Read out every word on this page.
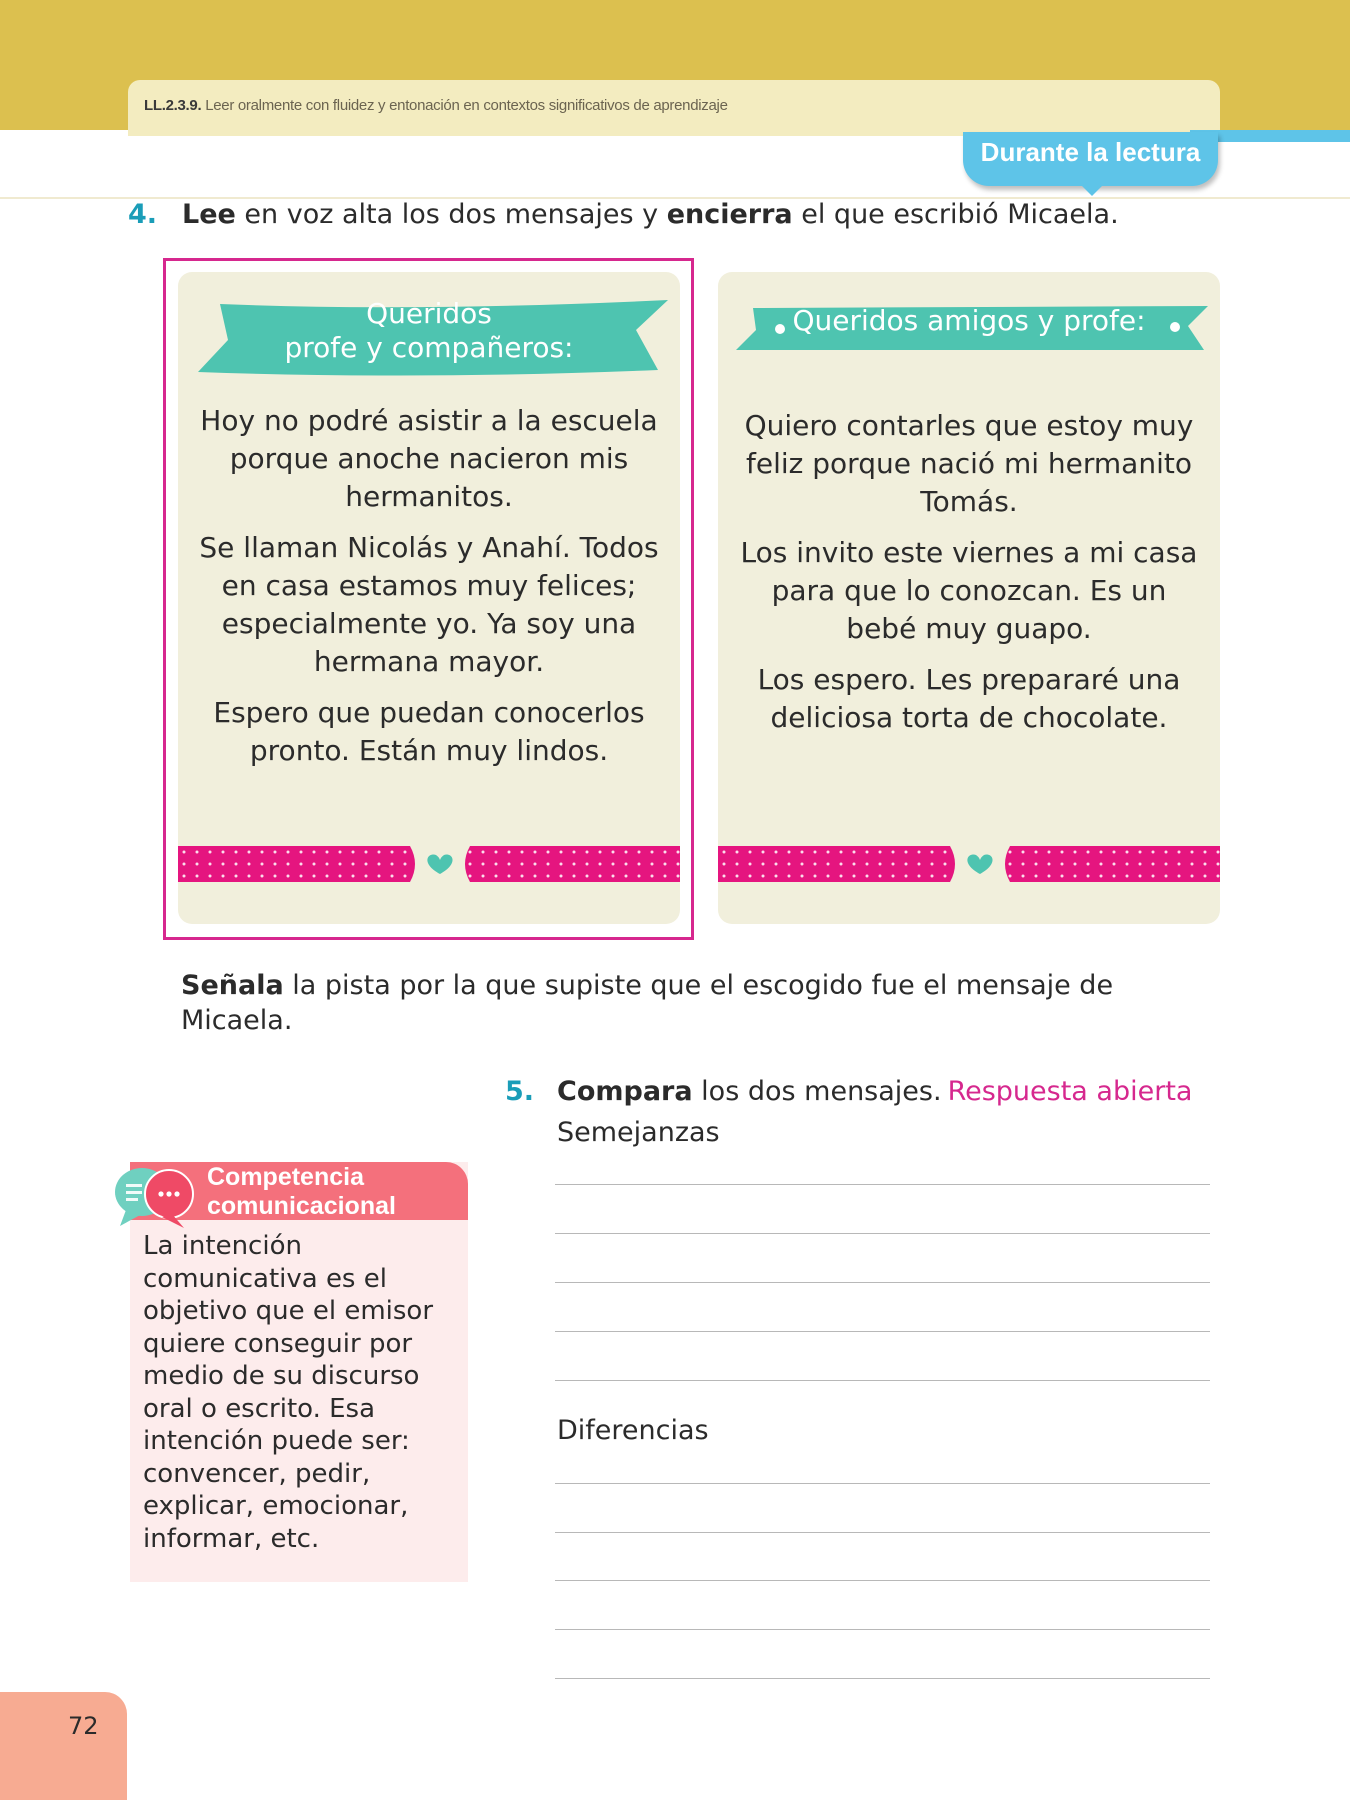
LL.2.3.9. Leer oralmente con fluidez y entonación en contextos significativos de aprendizaje
Durante la lectura
4. Lee en voz alta los dos mensajes y encierra el que escribió Micaela.
Queridos
profe y compañeros:

Hoy no podré asistir a la escuela porque anoche nacieron mis hermanitos.

Se llaman Nicolás y Anahí. Todos en casa estamos muy felices; especialmente yo. Ya soy una hermana mayor.

Espero que puedan conocerlos pronto. Están muy lindos.

Queridos amigos y profe:

Quiero contarles que estoy muy feliz porque nació mi hermanito Tomás.

Los invito este viernes a mi casa para que lo conozcan. Es un bebé muy guapo.

Los espero. Les prepararé una deliciosa torta de chocolate.

Señala la pista por la que supiste que el escogido fue el mensaje de Micaela.
5. Compara los dos mensajes. Respuesta abierta
Semejanzas
Diferencias
Competencia
comunicacional
La intención comunicativa es el objetivo que el emisor quiere conseguir por medio de su discurso oral o escrito. Esa intención puede ser: convencer, pedir, explicar, emocionar, informar, etc.
72
